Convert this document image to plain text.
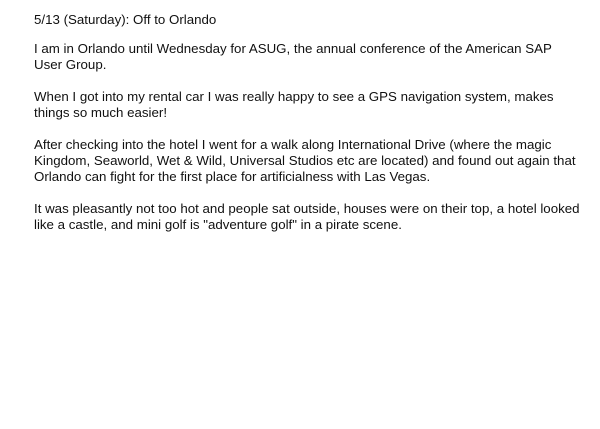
5/13 (Saturday): Off to Orlando
I am in Orlando until Wednesday for ASUG, the annual conference of the American SAP
User Group.
When I got into my rental car I was really happy to see a GPS navigation system, makes
things so much easier!
After checking into the hotel I went for a walk along International Drive (where the magic
Kingdom, Seaworld, Wet & Wild, Universal Studios etc are located) and found out again that
Orlando can fight for the first place for artificialness with Las Vegas.
It was pleasantly not too hot and people sat outside, houses were on their top, a hotel looked
like a castle, and mini golf is "adventure golf" in a pirate scene.
